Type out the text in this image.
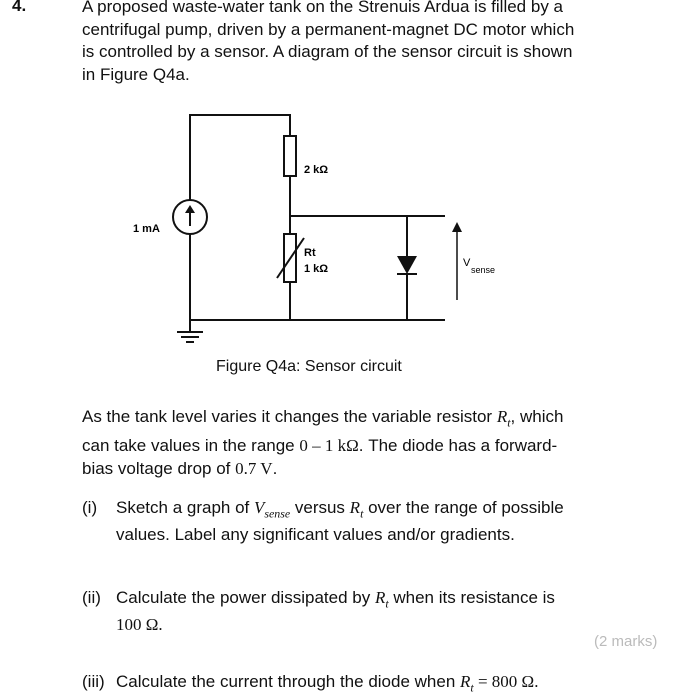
4.	A proposed waste-water tank on the Strenuis Ardua is filled by a
centrifugal pump, driven by a permanent-magnet DC motor which
is controlled by a sensor. A diagram of the sensor circuit is shown
in Figure Q4a.
1 mA
2 kΩ
Rt
1 kΩ	V
sense
Figure Q4a: Sensor circuit
As the tank level varies it changes the variable resistor $R_t$, which
can take values in the range 0 – 1 kΩ. The diode has a forward-
bias voltage drop of 0.7 V.
(i) Sketch a graph of $V_{sense}$ versus $R_t$ over the range of possible
values. Label any significant values and/or gradients.
(ii) Calculate the power dissipated by $R_t$ when its resistance is
100 Ω.
(2 marks)
(iii) Calculate the current through the diode when $R_t = 800$ Ω.
